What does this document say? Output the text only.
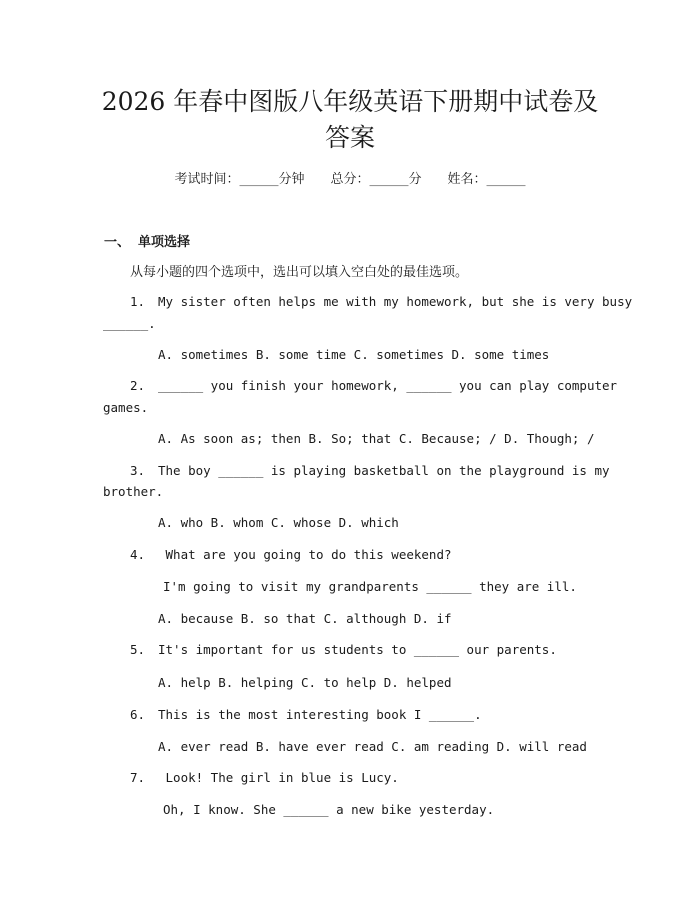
2026 年春中图版八年级英语下册期中试卷及
答案
考试时间：______分钟 总分：______分 姓名：______
一、 单项选择
从每小题的四个选项中，选出可以填入空白处的最佳选项。
1. My sister often helps me with my homework, but she is very busy
______.
A. sometimes B. some time C. sometimes D. some times
2. ______ you finish your homework, ______ you can play computer
games.
A. As soon as; then B. So; that C. Because; / D. Though; /
3. The boy ______ is playing basketball on the playground is my
brother.
A. who B. whom C. whose D. which
4. What are you going to do this weekend?
I'm going to visit my grandparents ______ they are ill.
A. because B. so that C. although D. if
5. It's important for us students to ______ our parents.
A. help B. helping C. to help D. helped
6. This is the most interesting book I ______.
A. ever read B. have ever read C. am reading D. will read
7. Look! The girl in blue is Lucy.
Oh, I know. She ______ a new bike yesterday.
